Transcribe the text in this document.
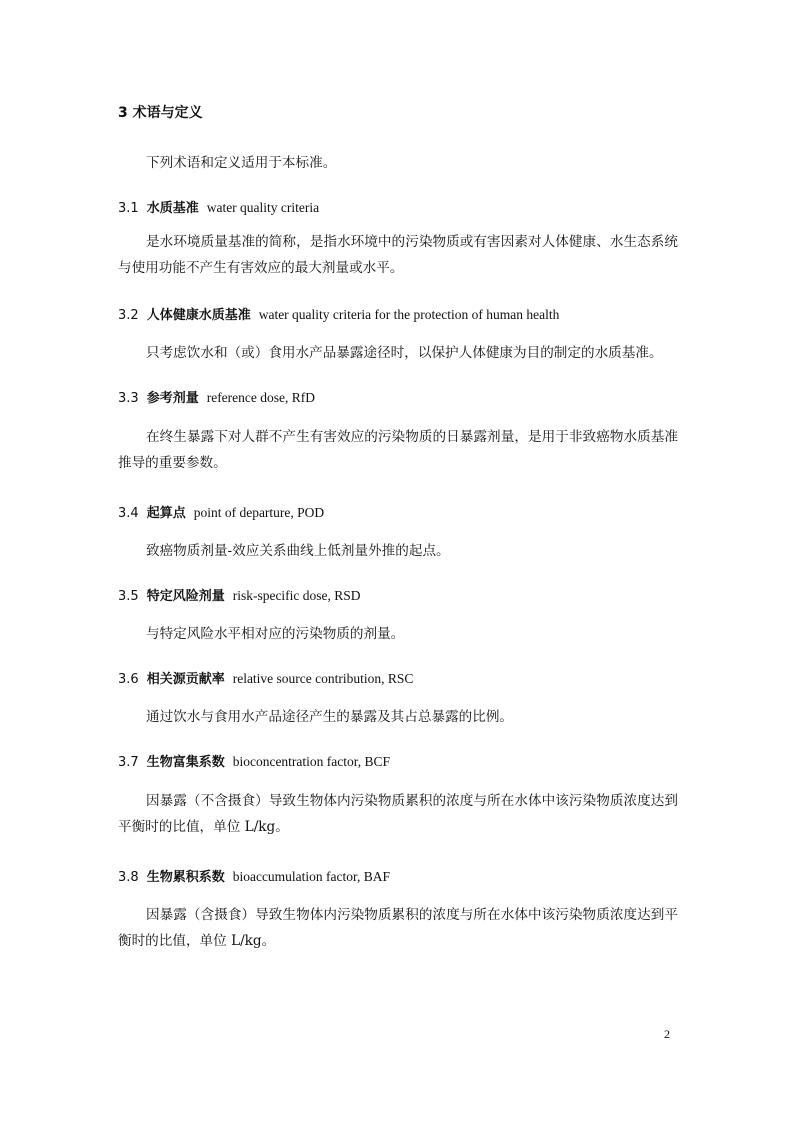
3 术语与定义
下列术语和定义适用于本标准。
3.1 水质基准 water quality criteria
是水环境质量基准的简称，是指水环境中的污染物质或有害因素对人体健康、水生态系统与使用功能不产生有害效应的最大剂量或水平。
3.2 人体健康水质基准 water quality criteria for the protection of human health
只考虑饮水和（或）食用水产品暴露途径时，以保护人体健康为目的制定的水质基准。
3.3 参考剂量 reference dose, RfD
在终生暴露下对人群不产生有害效应的污染物质的日暴露剂量，是用于非致癌物水质基准推导的重要参数。
3.4 起算点 point of departure, POD
致癌物质剂量-效应关系曲线上低剂量外推的起点。
3.5 特定风险剂量 risk-specific dose, RSD
与特定风险水平相对应的污染物质的剂量。
3.6 相关源贡献率 relative source contribution, RSC
通过饮水与食用水产品途径产生的暴露及其占总暴露的比例。
3.7 生物富集系数 bioconcentration factor, BCF
因暴露（不含摄食）导致生物体内污染物质累积的浓度与所在水体中该污染物质浓度达到平衡时的比值，单位 L/kg。
3.8 生物累积系数 bioaccumulation factor, BAF
因暴露（含摄食）导致生物体内污染物质累积的浓度与所在水体中该污染物质浓度达到平衡时的比值，单位 L/kg。
2
